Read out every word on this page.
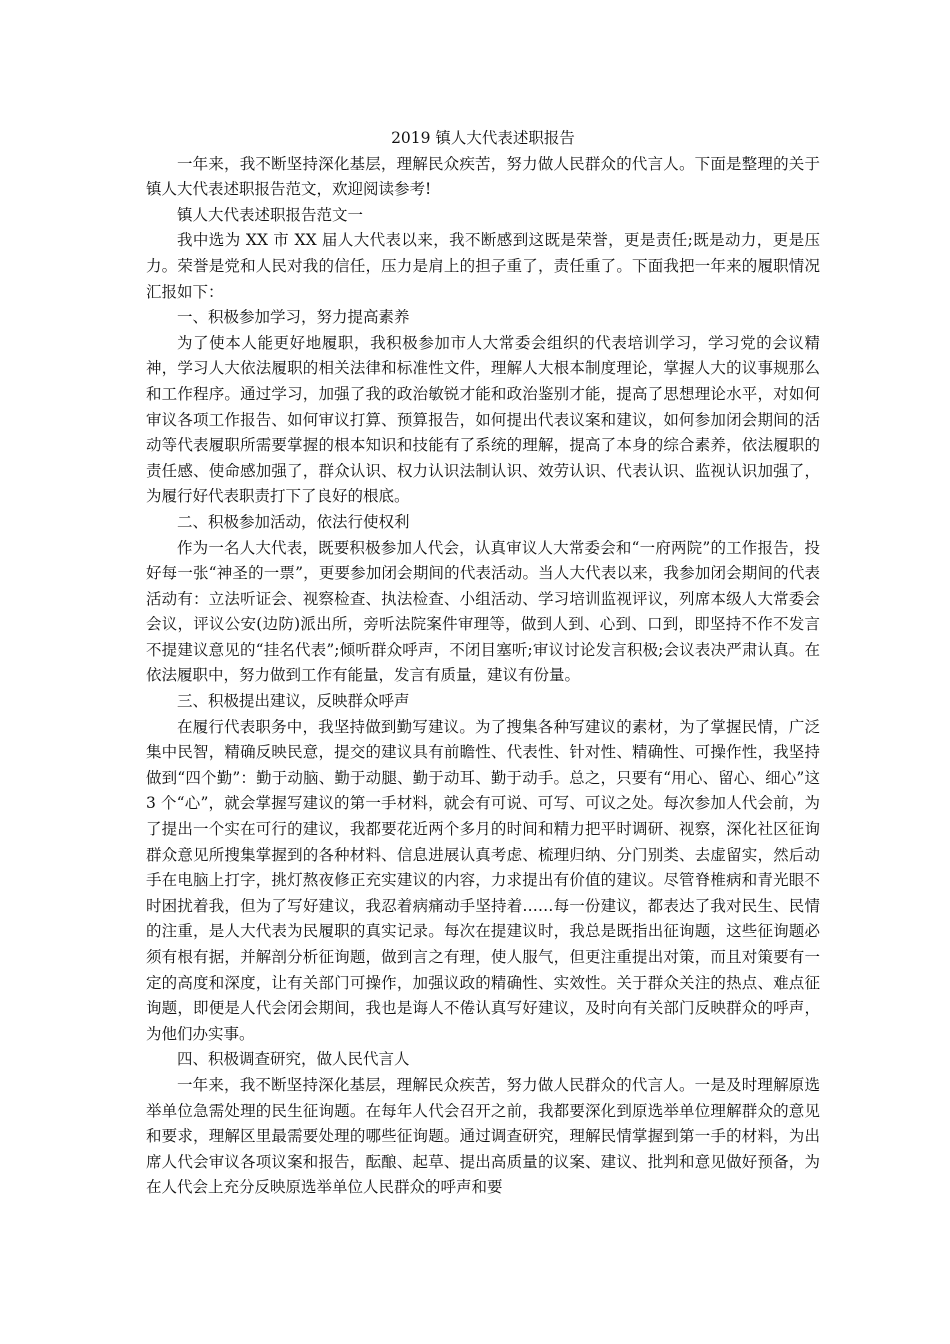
2019 镇人大代表述职报告

一年来，我不断坚持深化基层，理解民众疾苦，努力做人民群众的代言人。下面是整理的关于镇人大代表述职报告范文，欢迎阅读参考!

镇人大代表述职报告范文一

我中选为 XX 市 XX 届人大代表以来，我不断感到这既是荣誉，更是责任;既是动力，更是压力。荣誉是党和人民对我的信任，压力是肩上的担子重了，责任重了。下面我把一年来的履职情况汇报如下：

一、积极参加学习，努力提高素养

为了使本人能更好地履职，我积极参加市人大常委会组织的代表培训学习，学习党的会议精神，学习人大依法履职的相关法律和标准性文件，理解人大根本制度理论，掌握人大的议事规那么和工作程序。通过学习，加强了我的政治敏锐才能和政治鉴别才能，提高了思想理论水平，对如何审议各项工作报告、如何审议打算、预算报告，如何提出代表议案和建议，如何参加闭会期间的活动等代表履职所需要掌握的根本知识和技能有了系统的理解，提高了本身的综合素养，依法履职的责任感、使命感加强了，群众认识、权力认识法制认识、效劳认识、代表认识、监视认识加强了，为履行好代表职责打下了良好的根底。

二、积极参加活动，依法行使权利

作为一名人大代表，既要积极参加人代会，认真审议人大常委会和“一府两院”的工作报告，投好每一张“神圣的一票”，更要参加闭会期间的代表活动。当人大代表以来，我参加闭会期间的代表活动有：立法听证会、视察检查、执法检查、小组活动、学习培训监视评议，列席本级人大常委会会议，评议公安(边防)派出所，旁听法院案件审理等，做到人到、心到、口到，即坚持不作不发言不提建议意见的“挂名代表”;倾听群众呼声，不闭目塞听;审议讨论发言积极;会议表决严肃认真。在依法履职中，努力做到工作有能量，发言有质量，建议有份量。

三、积极提出建议，反映群众呼声

在履行代表职务中，我坚持做到勤写建议。为了搜集各种写建议的素材，为了掌握民情，广泛集中民智，精确反映民意，提交的建议具有前瞻性、代表性、针对性、精确性、可操作性，我坚持做到“四个勤”：勤于动脑、勤于动腿、勤于动耳、勤于动手。总之，只要有“用心、留心、细心”这 3 个“心”，就会掌握写建议的第一手材料，就会有可说、可写、可议之处。每次参加人代会前，为了提出一个实在可行的建议，我都要花近两个多月的时间和精力把平时调研、视察，深化社区征询群众意见所搜集掌握到的各种材料、信息进展认真考虑、梳理归纳、分门别类、去虚留实，然后动手在电脑上打字，挑灯熬夜修正充实建议的内容，力求提出有价值的建议。尽管脊椎病和青光眼不时困扰着我，但为了写好建议，我忍着病痛动手坚持着……每一份建议，都表达了我对民生、民情的注重，是人大代表为民履职的真实记录。每次在提建议时，我总是既指出征询题，这些征询题必须有根有据，并解剖分析征询题，做到言之有理，使人服气，但更注重提出对策，而且对策要有一定的高度和深度，让有关部门可操作，加强议政的精确性、实效性。关于群众关注的热点、难点征询题，即便是人代会闭会期间，我也是诲人不倦认真写好建议，及时向有关部门反映群众的呼声，为他们办实事。

四、积极调查研究，做人民代言人

一年来，我不断坚持深化基层，理解民众疾苦，努力做人民群众的代言人。一是及时理解原选举单位急需处理的民生征询题。在每年人代会召开之前，我都要深化到原选举单位理解群众的意见和要求，理解区里最需要处理的哪些征询题。通过调查研究，理解民情掌握到第一手的材料，为出席人代会审议各项议案和报告，酝酿、起草、提出高质量的议案、建议、批判和意见做好预备，为在人代会上充分反映原选举单位人民群众的呼声和要
